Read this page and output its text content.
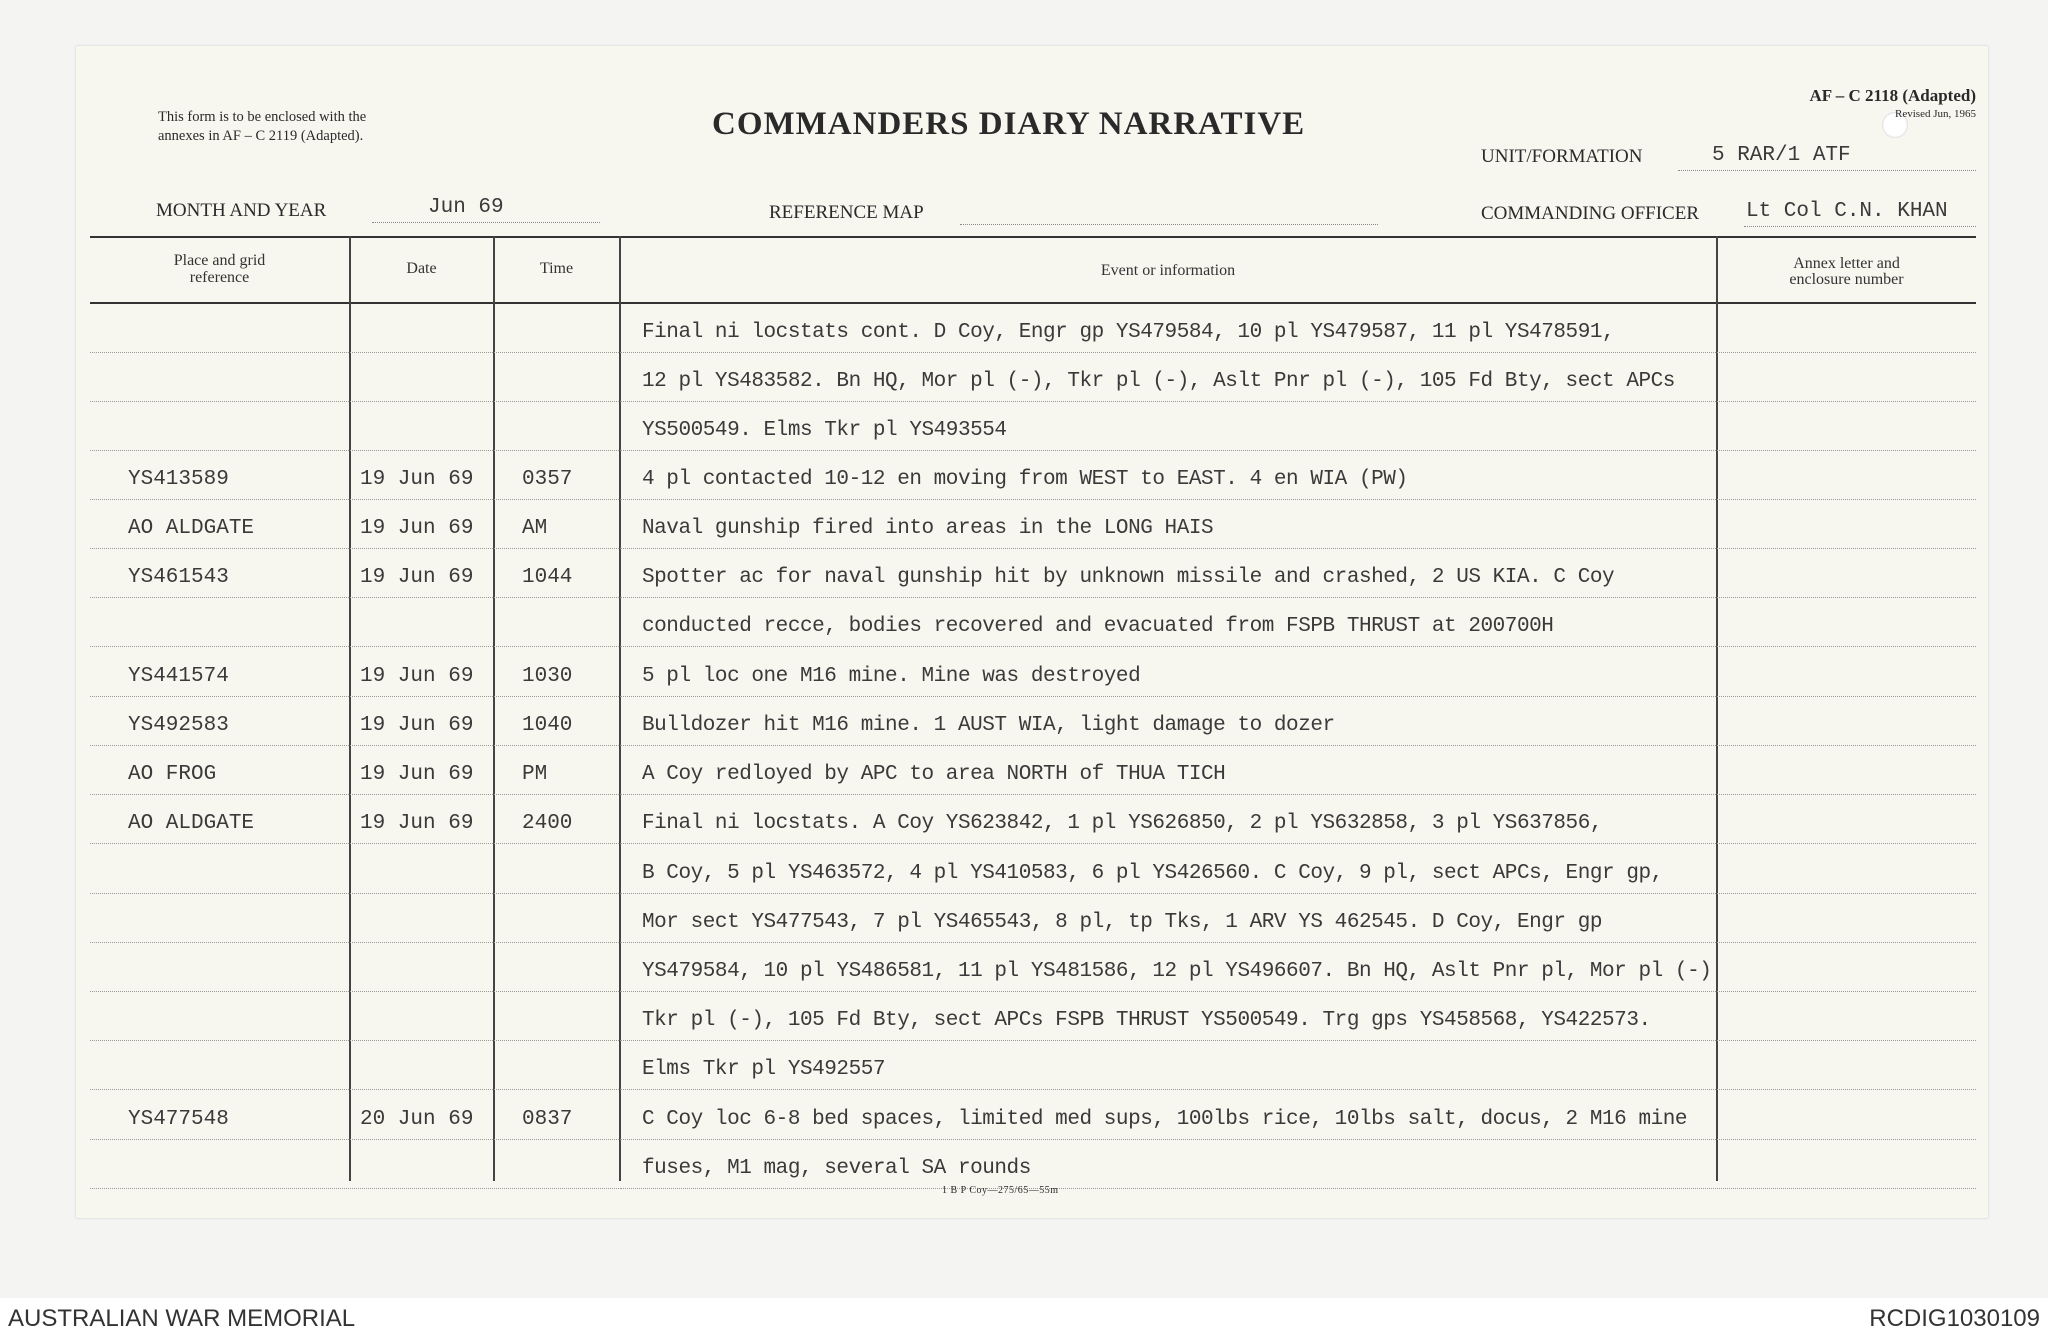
This form is to be enclosed with the
annexes in AF – C 2119 (Adapted).	COMMANDERS DIARY NARRATIVE
AF – C 2118 (Adapted)
Revised Jun, 1965
UNIT/FORMATION	5 RAR/1 ATF
MONTH AND YEAR	Jun 69	REFERENCE MAP	COMMANDING OFFICER Lt Col C.N. KHAN
Place and grid
reference
Date	Time	Event or information	Annex letter and
enclosure number
Final ni locstats cont. D Coy, Engr gp YS479584, 10 pl YS479587, 11 pl YS478591,
12 pl YS483582. Bn HQ, Mor pl (-), Tkr pl (-), Aslt Pnr pl (-), 105 Fd Bty, sect APCs
YS500549. Elms Tkr pl YS493554
YS413589	19 Jun 69 0357	4 pl contacted 10-12 en moving from WEST to EAST. 4 en WIA (PW)
AO ALDGATE	19 Jun 69 AM	Naval gunship fired into areas in the LONG HAIS
YS461543	19 Jun 69 1044	Spotter ac for naval gunship hit by unknown missile and crashed, 2 US KIA. C Coy
conducted recce, bodies recovered and evacuated from FSPB THRUST at 200700H
YS441574	19 Jun 69 1030	5 pl loc one M16 mine. Mine was destroyed
YS492583	19 Jun 69 1040	Bulldozer hit M16 mine. 1 AUST WIA, light damage to dozer
AO FROG	19 Jun 69 PM	A Coy redloyed by APC to area NORTH of THUA TICH
AO ALDGATE	19 Jun 69 2400	Final ni locstats. A Coy YS623842, 1 pl YS626850, 2 pl YS632858, 3 pl YS637856,
B Coy, 5 pl YS463572, 4 pl YS410583, 6 pl YS426560. C Coy, 9 pl, sect APCs, Engr gp,
Mor sect YS477543, 7 pl YS465543, 8 pl, tp Tks, 1 ARV YS 462545. D Coy, Engr gp
YS479584, 10 pl YS486581, 11 pl YS481586, 12 pl YS496607. Bn HQ, Aslt Pnr pl, Mor pl (-)
Tkr pl (-), 105 Fd Bty, sect APCs FSPB THRUST YS500549. Trg gps YS458568, YS422573.
Elms Tkr pl YS492557
YS477548	20 Jun 69 0837	C Coy loc 6-8 bed spaces, limited med sups, 100lbs rice, 10lbs salt, docus, 2 M16 mine
fuses, M1 mag, several SA rounds
1 B P Coy—275/65—55m
AUSTRALIAN WAR MEMORIAL	RCDIG1030109
